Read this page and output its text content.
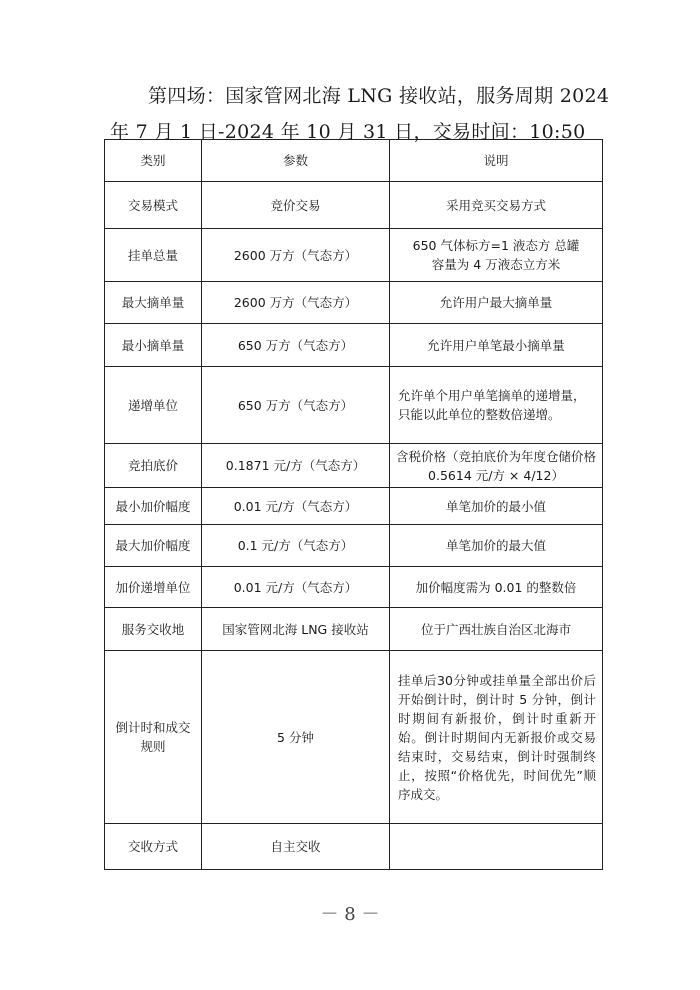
第四场：国家管网北海 LNG 接收站，服务周期 2024 年 7 月 1 日-2024 年 10 月 31 日，交易时间：10:50

类别	参数	说明
交易模式	竞价交易	采用竞买交易方式
挂单总量	2600 万方（气态方）	650 气体标方=1 液态方 总罐容量为 4 万液态立方米
最大摘单量	2600 万方（气态方）	允许用户最大摘单量
最小摘单量	650 万方（气态方）	允许用户单笔最小摘单量
递增单位	650 万方（气态方）	允许单个用户单笔摘单的递增量，只能以此单位的整数倍递增。
竞拍底价	0.1871 元/方（气态方）	含税价格（竞拍底价为年度仓储价格 0.5614 元/方 × 4/12）
最小加价幅度	0.01 元/方（气态方）	单笔加价的最小值
最大加价幅度	0.1 元/方（气态方）	单笔加价的最大值
加价递增单位	0.01 元/方（气态方）	加价幅度需为 0.01 的整数倍
服务交收地	国家管网北海 LNG 接收站	位于广西壮族自治区北海市
倒计时和成交规则	5 分钟	挂单后30分钟或挂单量全部出价后开始倒计时，倒计时 5 分钟，倒计时期间有新报价，倒计时重新开始。倒计时期间内无新报价或交易结束时，交易结束，倒计时强制终止，按照“价格优先，时间优先”顺序成交。
交收方式	自主交收	
－ 8 －
